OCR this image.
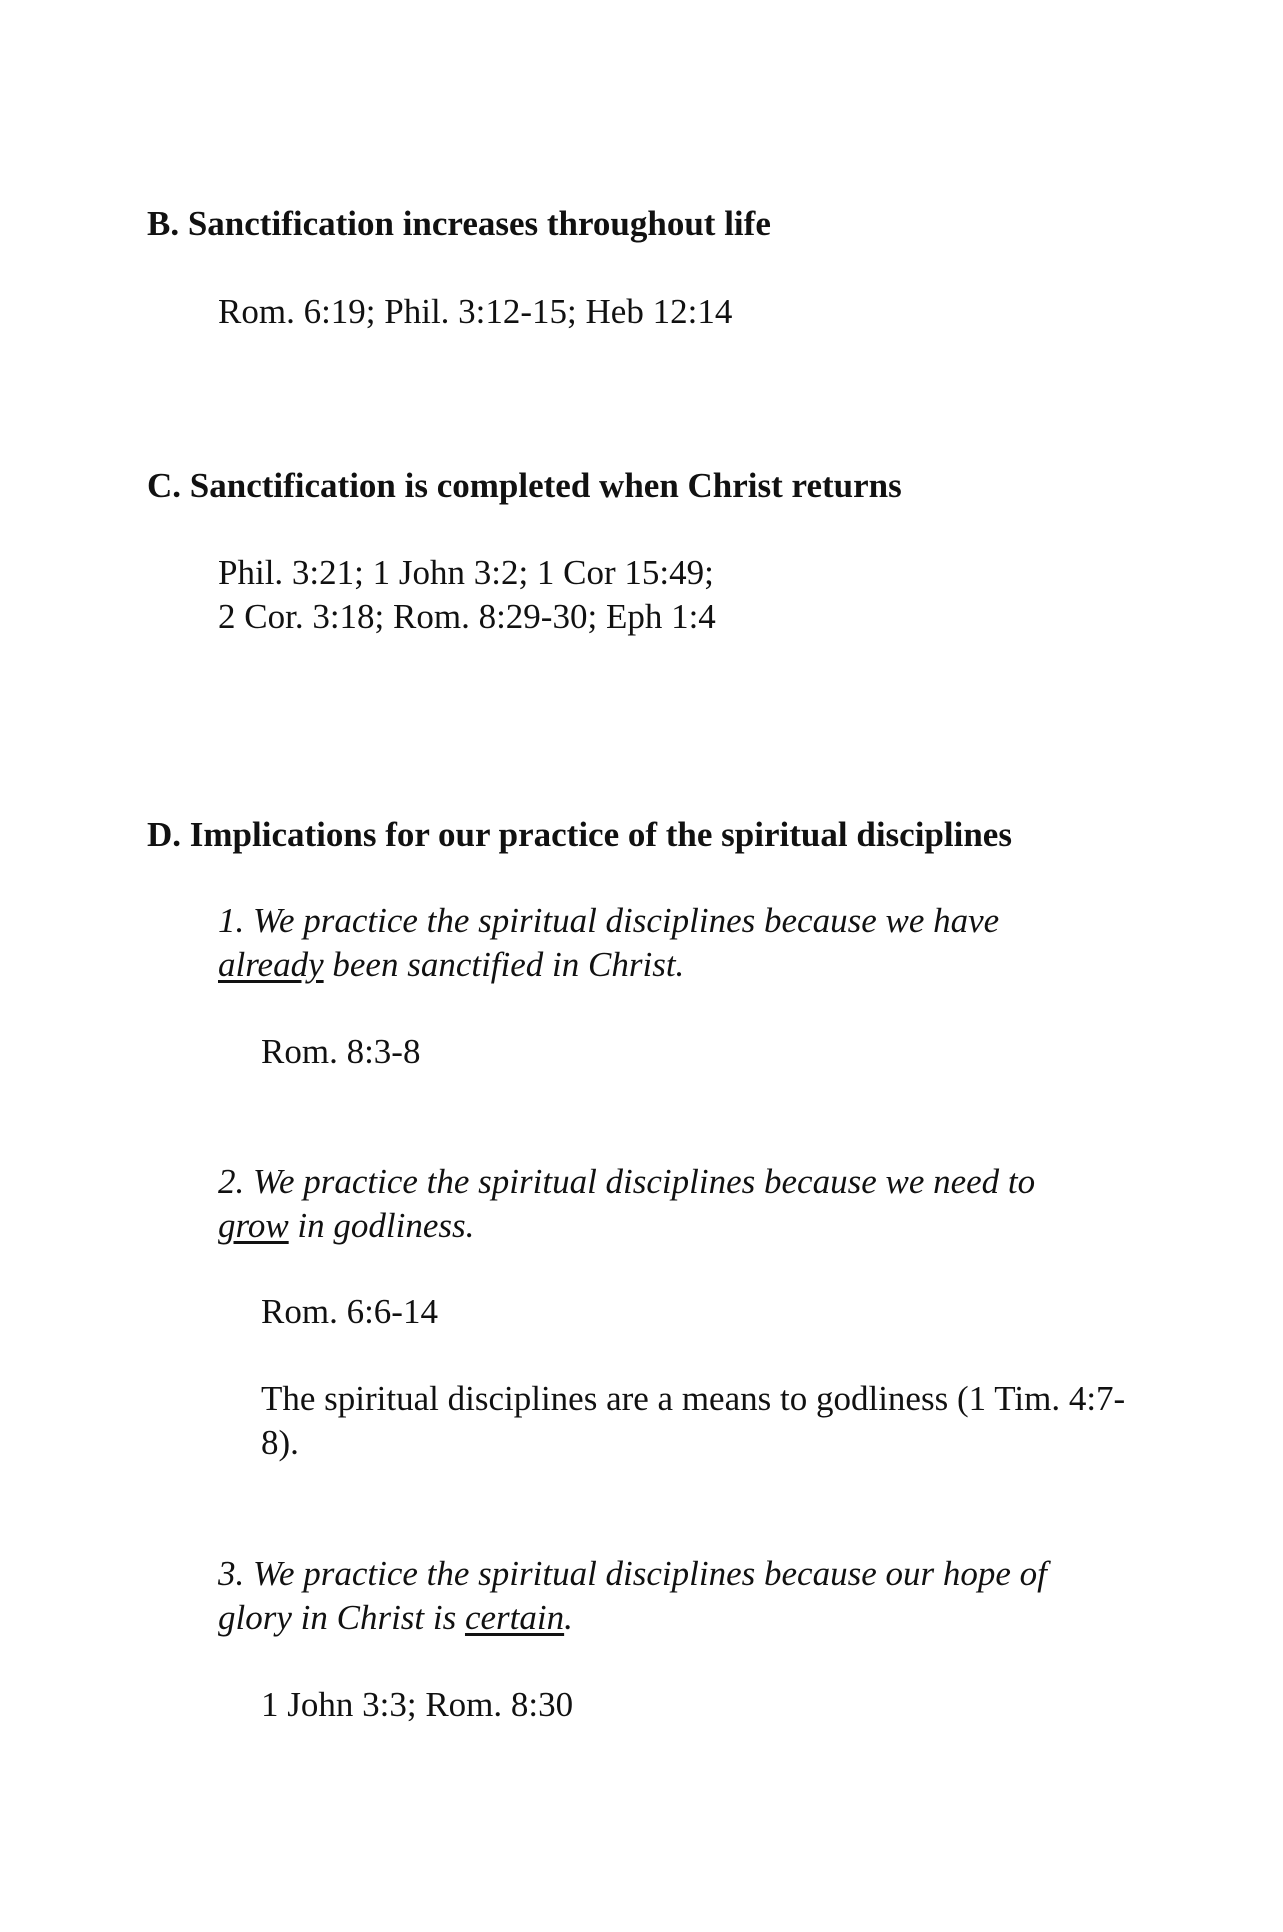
B. Sanctification increases throughout life
Rom. 6:19; Phil. 3:12-15; Heb 12:14
C. Sanctification is completed when Christ returns
Phil. 3:21; 1 John 3:2; 1 Cor 15:49;
2 Cor. 3:18; Rom. 8:29-30; Eph 1:4
D. Implications for our practice of the spiritual disciplines
1. We practice the spiritual disciplines because we have
already been sanctified in Christ.
Rom. 8:3-8
2. We practice the spiritual disciplines because we need to
grow in godliness.
Rom. 6:6-14
The spiritual disciplines are a means to godliness (1 Tim. 4:7-8).
3. We practice the spiritual disciplines because our hope of
glory in Christ is certain.
1 John 3:3; Rom. 8:30
